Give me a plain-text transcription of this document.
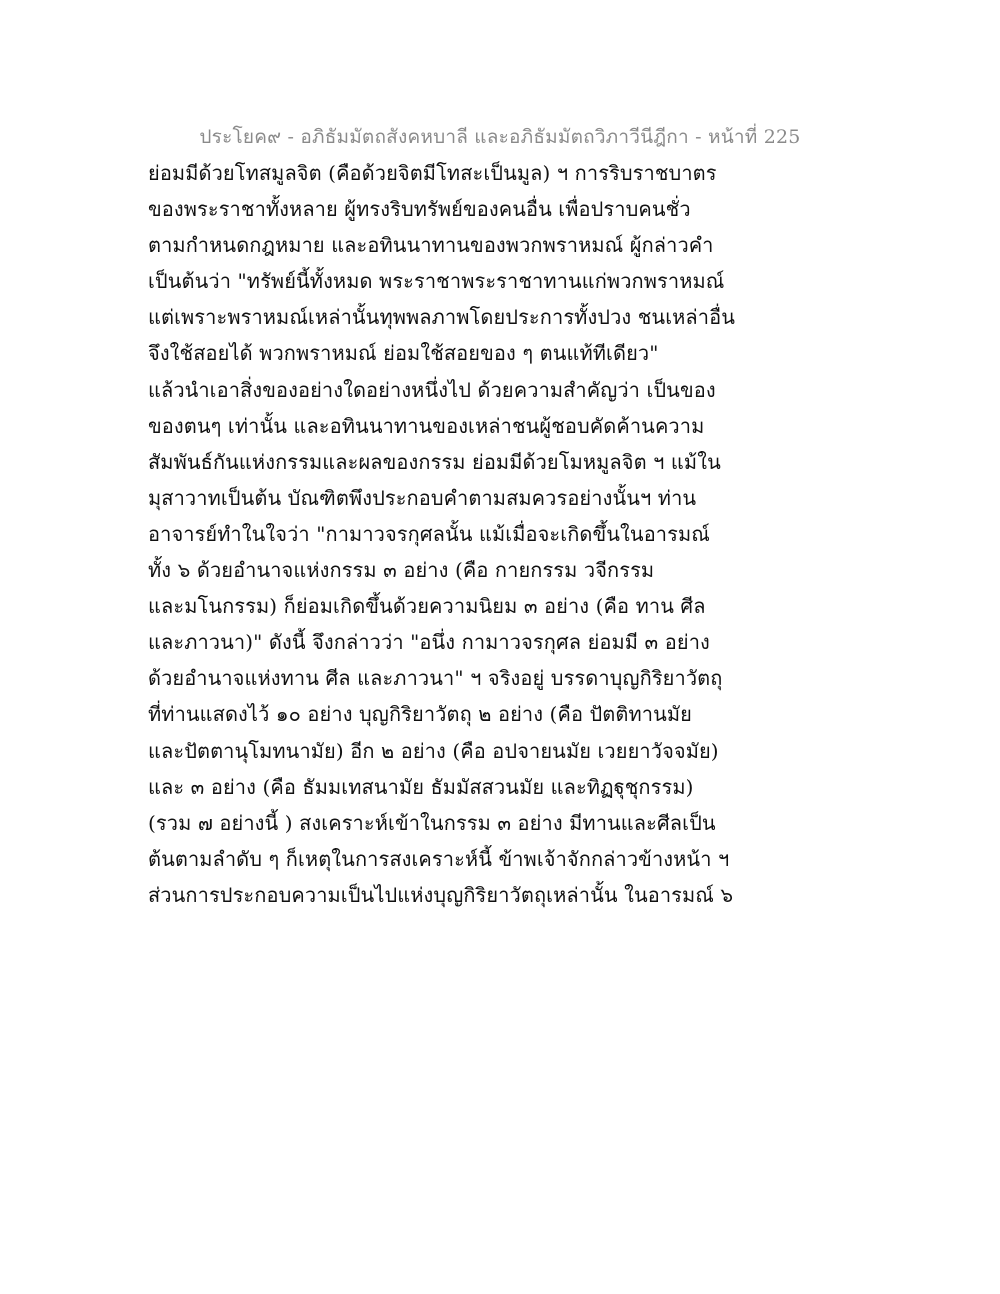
ประโยค๙ - อภิธัมมัตถสังคหบาลี และอภิธัมมัตถวิภาวีนีฎีกา - หน้าที่ 225
ย่อมมีด้วยโทสมูลจิต (คือด้วยจิตมีโทสะเป็นมูล) ฯ การริบราชบาตร
ของพระราชาทั้งหลาย ผู้ทรงริบทรัพย์ของคนอื่น เพื่อปราบคนชั่ว
ตามกำหนดกฎหมาย และอทินนาทานของพวกพราหมณ์ ผู้กล่าวคำ
เป็นต้นว่า "ทรัพย์นี้ทั้งหมด พระราชาพระราชาทานแก่พวกพราหมณ์
แต่เพราะพราหมณ์เหล่านั้นทุพพลภาพโดยประการทั้งปวง ชนเหล่าอื่น
จึงใช้สอยได้ พวกพราหมณ์ ย่อมใช้สอยของ ๆ ตนแท้ทีเดียว"
แล้วนำเอาสิ่งของอย่างใดอย่างหนึ่งไป ด้วยความสำคัญว่า เป็นของ
ของตนๆ เท่านั้น และอทินนาทานของเหล่าชนผู้ชอบคัดค้านความ
สัมพันธ์กันแห่งกรรมและผลของกรรม ย่อมมีด้วยโมหมูลจิต ฯ แม้ใน
มุสาวาทเป็นต้น บัณฑิตพึงประกอบคำตามสมควรอย่างนั้นฯ ท่าน
อาจารย์ทำในใจว่า "กามาวจรกุศลนั้น แม้เมื่อจะเกิดขึ้นในอารมณ์
ทั้ง ๖ ด้วยอำนาจแห่งกรรม ๓ อย่าง (คือ กายกรรม วจีกรรม
และมโนกรรม) ก็ย่อมเกิดขึ้นด้วยความนิยม ๓ อย่าง (คือ ทาน ศีล
และภาวนา)" ดังนี้ จึงกล่าวว่า "อนึ่ง กามาวจรกุศล ย่อมมี ๓ อย่าง
ด้วยอำนาจแห่งทาน ศีล และภาวนา" ฯ จริงอยู่ บรรดาบุญกิริยาวัตถุ
ที่ท่านแสดงไว้ ๑๐ อย่าง บุญกิริยาวัตถุ ๒ อย่าง (คือ ปัตติทานมัย
และปัตตานุโมทนามัย) อีก ๒ อย่าง (คือ อปจายนมัย เวยยาวัจจมัย)
และ ๓ อย่าง (คือ ธัมมเทสนามัย ธัมมัสสวนมัย และทิฏฐุชุกรรม)
(รวม ๗ อย่างนี้ ) สงเคราะห์เข้าในกรรม ๓ อย่าง มีทานและศีลเป็น
ต้นตามลำดับ ๆ ก็เหตุในการสงเคราะห์นี้ ข้าพเจ้าจักกล่าวข้างหน้า ฯ
ส่วนการประกอบความเป็นไปแห่งบุญกิริยาวัตถุเหล่านั้น ในอารมณ์ ๖
